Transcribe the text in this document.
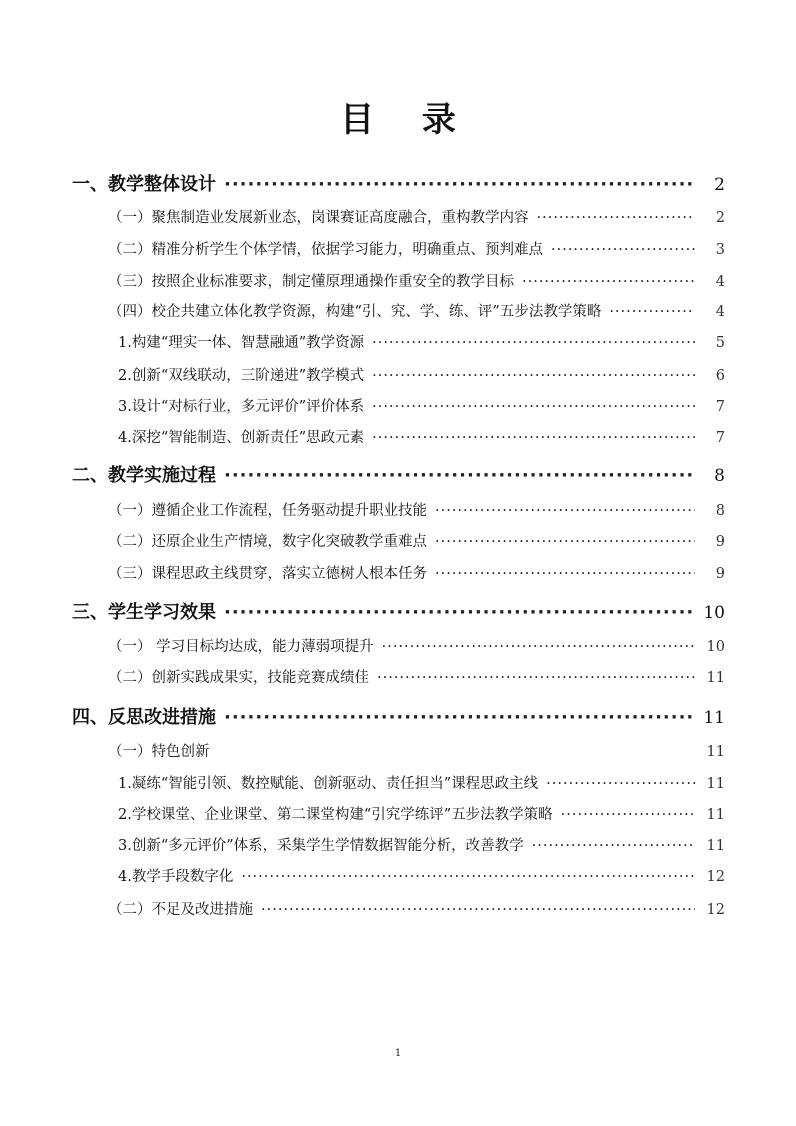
目 录
一、教学整体设计 ·····	2
（一）聚焦制造业发展新业态，岗课赛证高度融合，重构教学内容 ·····	2
（二）精准分析学生个体学情，依据学习能力，明确重点、预判难点 ·····	3
（三）按照企业标准要求，制定懂原理通操作重安全的教学目标 ·····	4
（四）校企共建立体化教学资源，构建“引、究、学、练、评”五步法教学策略 ·····	4
1.构建“理实一体、智慧融通”教学资源 ·····	5
2.创新“双线联动，三阶递进”教学模式 ·····	6
3.设计“对标行业，多元评价”评价体系 ·····	7
4.深挖“智能制造、创新责任”思政元素 ·····	7
二、教学实施过程 ·····	8
（一）遵循企业工作流程，任务驱动提升职业技能 ·····	8
（二）还原企业生产情境，数字化突破教学重难点 ·····	9
（三）课程思政主线贯穿，落实立德树人根本任务 ·····	9
三、学生学习效果 ·····	10
（一） 学习目标均达成，能力薄弱项提升 ·····	10
（二）创新实践成果实，技能竞赛成绩佳 ·····	11
四、反思改进措施 ·····	11
（一）特色创新	11
1.凝练“智能引领、数控赋能、创新驱动、责任担当”课程思政主线 ·····	11
2.学校课堂、企业课堂、第二课堂构建“引究学练评”五步法教学策略 ·····	11
3.创新“多元评价”体系，采集学生学情数据智能分析，改善教学 ·····	11
4.教学手段数字化 ·····	12
（二）不足及改进措施 ·····	12
1
